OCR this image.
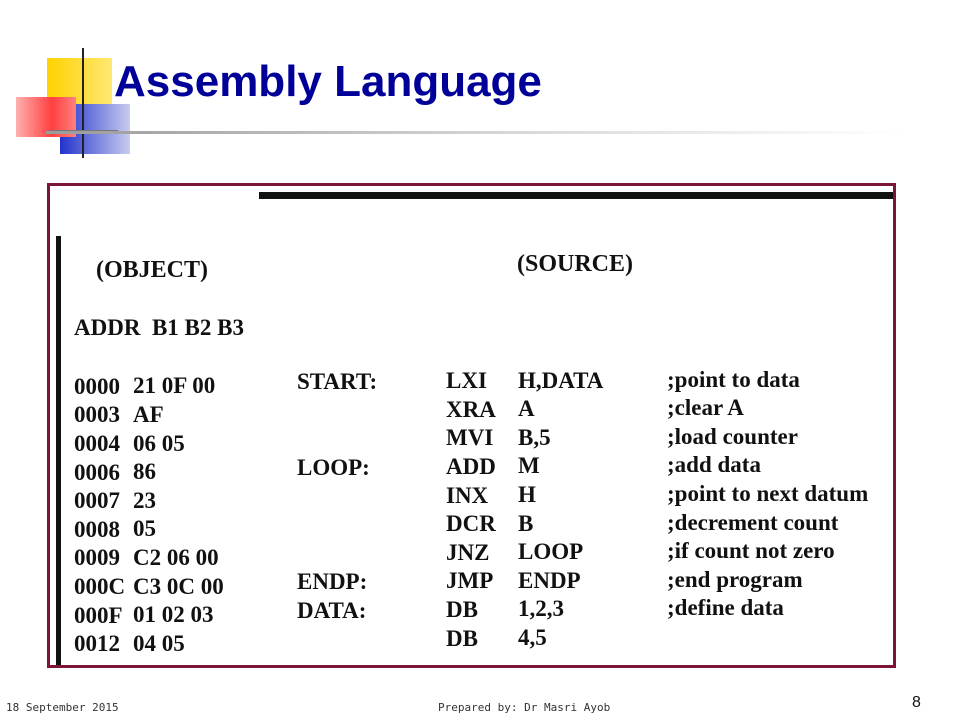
Assembly Language
(OBJECT)	(SOURCE)
ADDR  B1 B2 B3
0000 21 0F 00	START:	LXI H,DATA	;point to data
0003 AF	XRA A	;clear A
0004 06 05	MVI B,5	;load counter
0006 86	LOOP:	ADD M	;add data
0007 23	INX H	;point to next datum
0008 05	DCR B	;decrement count
0009 C2 06 00	JNZ LOOP	;if count not zero
000C C3 0C 00	ENDP:	JMP ENDP	;end program
000F 01 02 03	DATA:	DB 1,2,3	;define data
0012 04 05	DB 4,5
18 September 2015	Prepared by: Dr Masri Ayob	8
